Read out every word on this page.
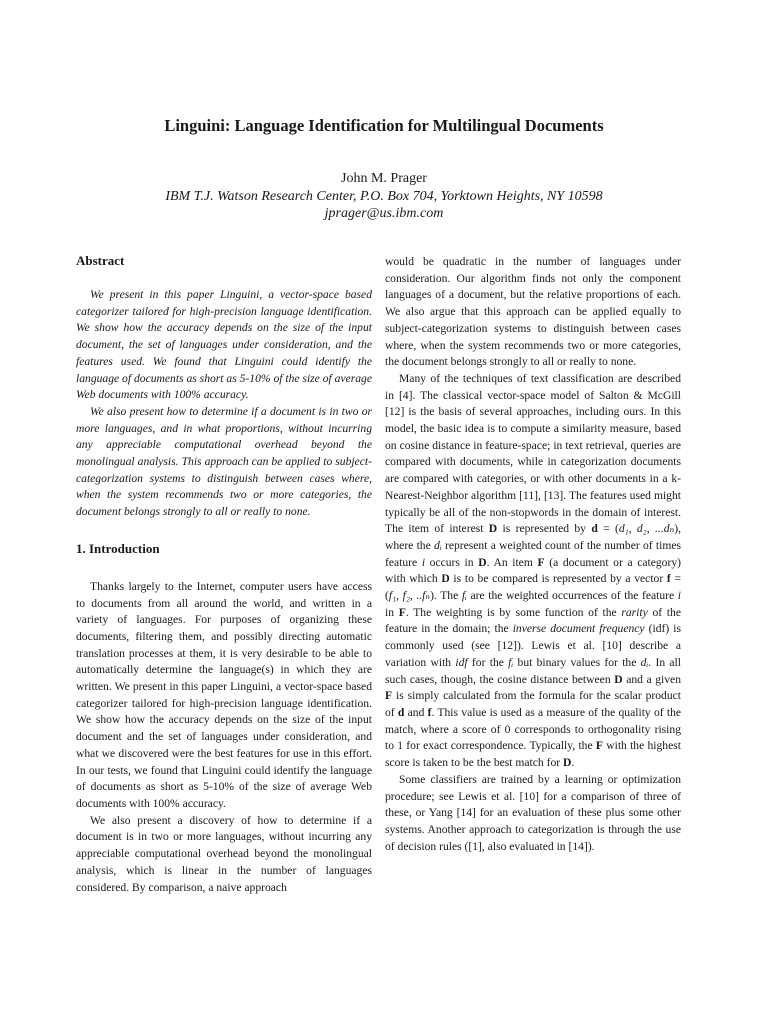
Linguini: Language Identification for Multilingual Documents
John M. Prager
IBM T.J. Watson Research Center, P.O. Box 704, Yorktown Heights, NY 10598
jprager@us.ibm.com
Abstract

We present in this paper Linguini, a vector-space based categorizer tailored for high-precision language identification. We show how the accuracy depends on the size of the input document, the set of languages under consideration, and the features used. We found that Linguini could identify the language of documents as short as 5-10% of the size of average Web documents with 100% accuracy.

We also present how to determine if a document is in two or more languages, and in what proportions, without incurring any appreciable computational overhead beyond the monolingual analysis. This approach can be applied to subject-categorization systems to distinguish between cases where, when the system recommends two or more categories, the document belongs strongly to all or really to none.

1. Introduction

Thanks largely to the Internet, computer users have access to documents from all around the world, and written in a variety of languages. For purposes of organizing these documents, filtering them, and possibly directing automatic translation processes at them, it is very desirable to be able to automatically determine the language(s) in which they are written. We present in this paper Linguini, a vector-space based categorizer tailored for high-precision language identification. We show how the accuracy depends on the size of the input document and the set of languages under consideration, and what we discovered were the best features for use in this effort. In our tests, we found that Linguini could identify the language of documents as short as 5-10% of the size of average Web documents with 100% accuracy.

We also present a discovery of how to determine if a document is in two or more languages, without incurring any appreciable computational overhead beyond the monolingual analysis, which is linear in the number of languages considered. By comparison, a naive approach

would be quadratic in the number of languages under consideration. Our algorithm finds not only the component languages of a document, but the relative proportions of each. We also argue that this approach can be applied equally to subject-categorization systems to distinguish between cases where, when the system recommends two or more categories, the document belongs strongly to all or really to none.

Many of the techniques of text classification are described in [4]. The classical vector-space model of Salton & McGill [12] is the basis of several approaches, including ours. In this model, the basic idea is to compute a similarity measure, based on cosine distance in feature-space; in text retrieval, queries are compared with documents, while in categorization documents are compared with categories, or with other documents in a k-Nearest-Neighbor algorithm [11], [13]. The features used might typically be all of the non-stopwords in the domain of interest. The item of interest D is represented by d = (d₁, d₂, ...dₙ), where the dᵢ represent a weighted count of the number of times feature i occurs in D. An item F (a document or a category) with which D is to be compared is represented by a vector f = (f₁, f₂, ..fₙ). The fᵢ are the weighted occurrences of the feature i in F. The weighting is by some function of the rarity of the feature in the domain; the inverse document frequency (idf) is commonly used (see [12]). Lewis et al. [10] describe a variation with idf for the fᵢ but binary values for the dᵢ. In all such cases, though, the cosine distance between D and a given F is simply calculated from the formula for the scalar product of d and f. This value is used as a measure of the quality of the match, where a score of 0 corresponds to orthogonality rising to 1 for exact correspondence. Typically, the F with the highest score is taken to be the best match for D.

Some classifiers are trained by a learning or optimization procedure; see Lewis et al. [10] for a comparison of three of these, or Yang [14] for an evaluation of these plus some other systems. Another approach to categorization is through the use of decision rules ([1], also evaluated in [14]).
